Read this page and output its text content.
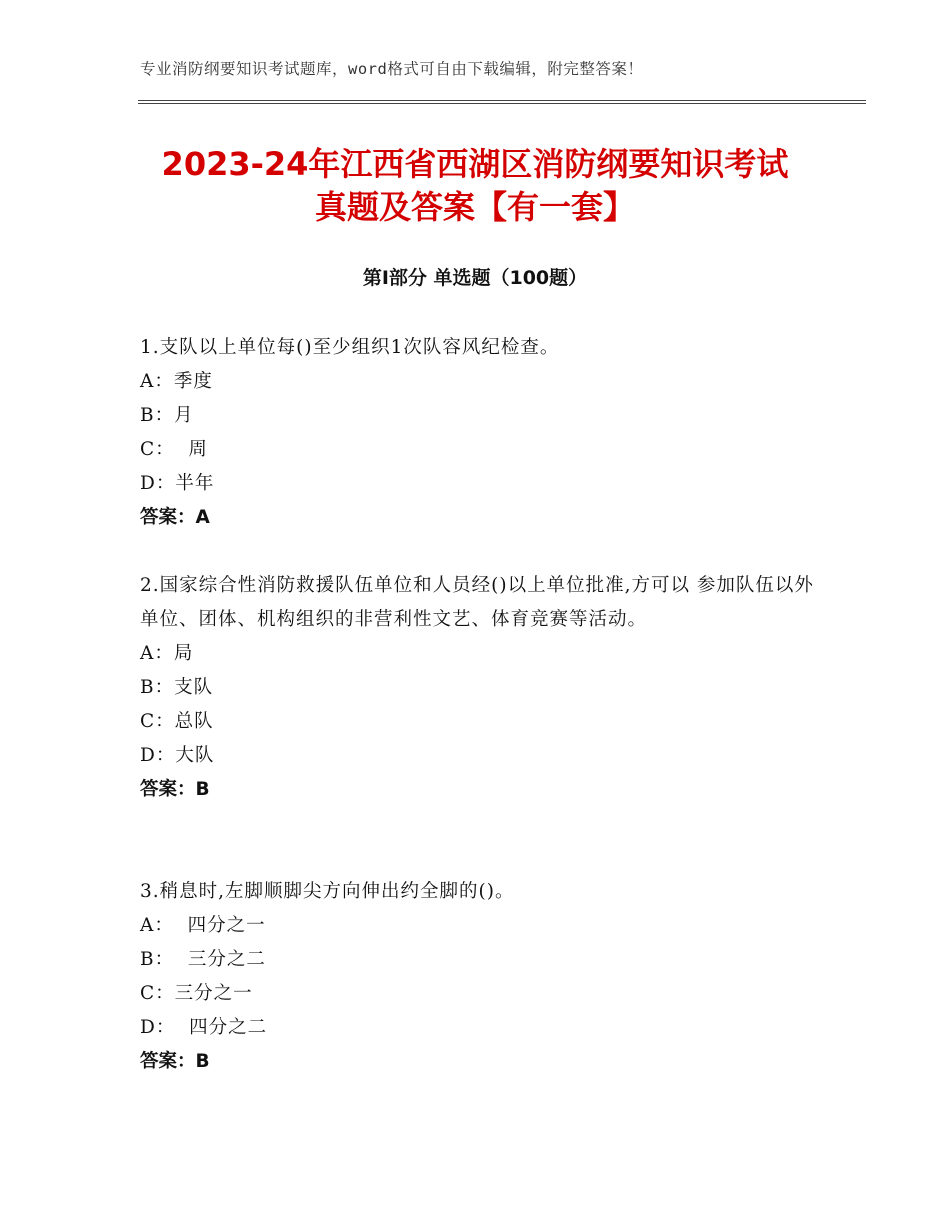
专业消防纲要知识考试题库，word格式可自由下载编辑，附完整答案！
2023-24年江西省西湖区消防纲要知识考试
真题及答案【有一套】
第Ⅰ部分 单选题（100题）
1.支队以上单位每()至少组织1次队容风纪检查。
A：季度
B：月
C：  周
D：半年
答案：A
2.国家综合性消防救援队伍单位和人员经()以上单位批准,方可以 参加队伍以外单位、团体、机构组织的非营利性文艺、体育竞赛等活动。
A：局
B：支队
C：总队
D：大队
答案：B
3.稍息时,左脚顺脚尖方向伸出约全脚的()。
A：  四分之一
B：  三分之二
C：三分之一
D：  四分之二
答案：B
